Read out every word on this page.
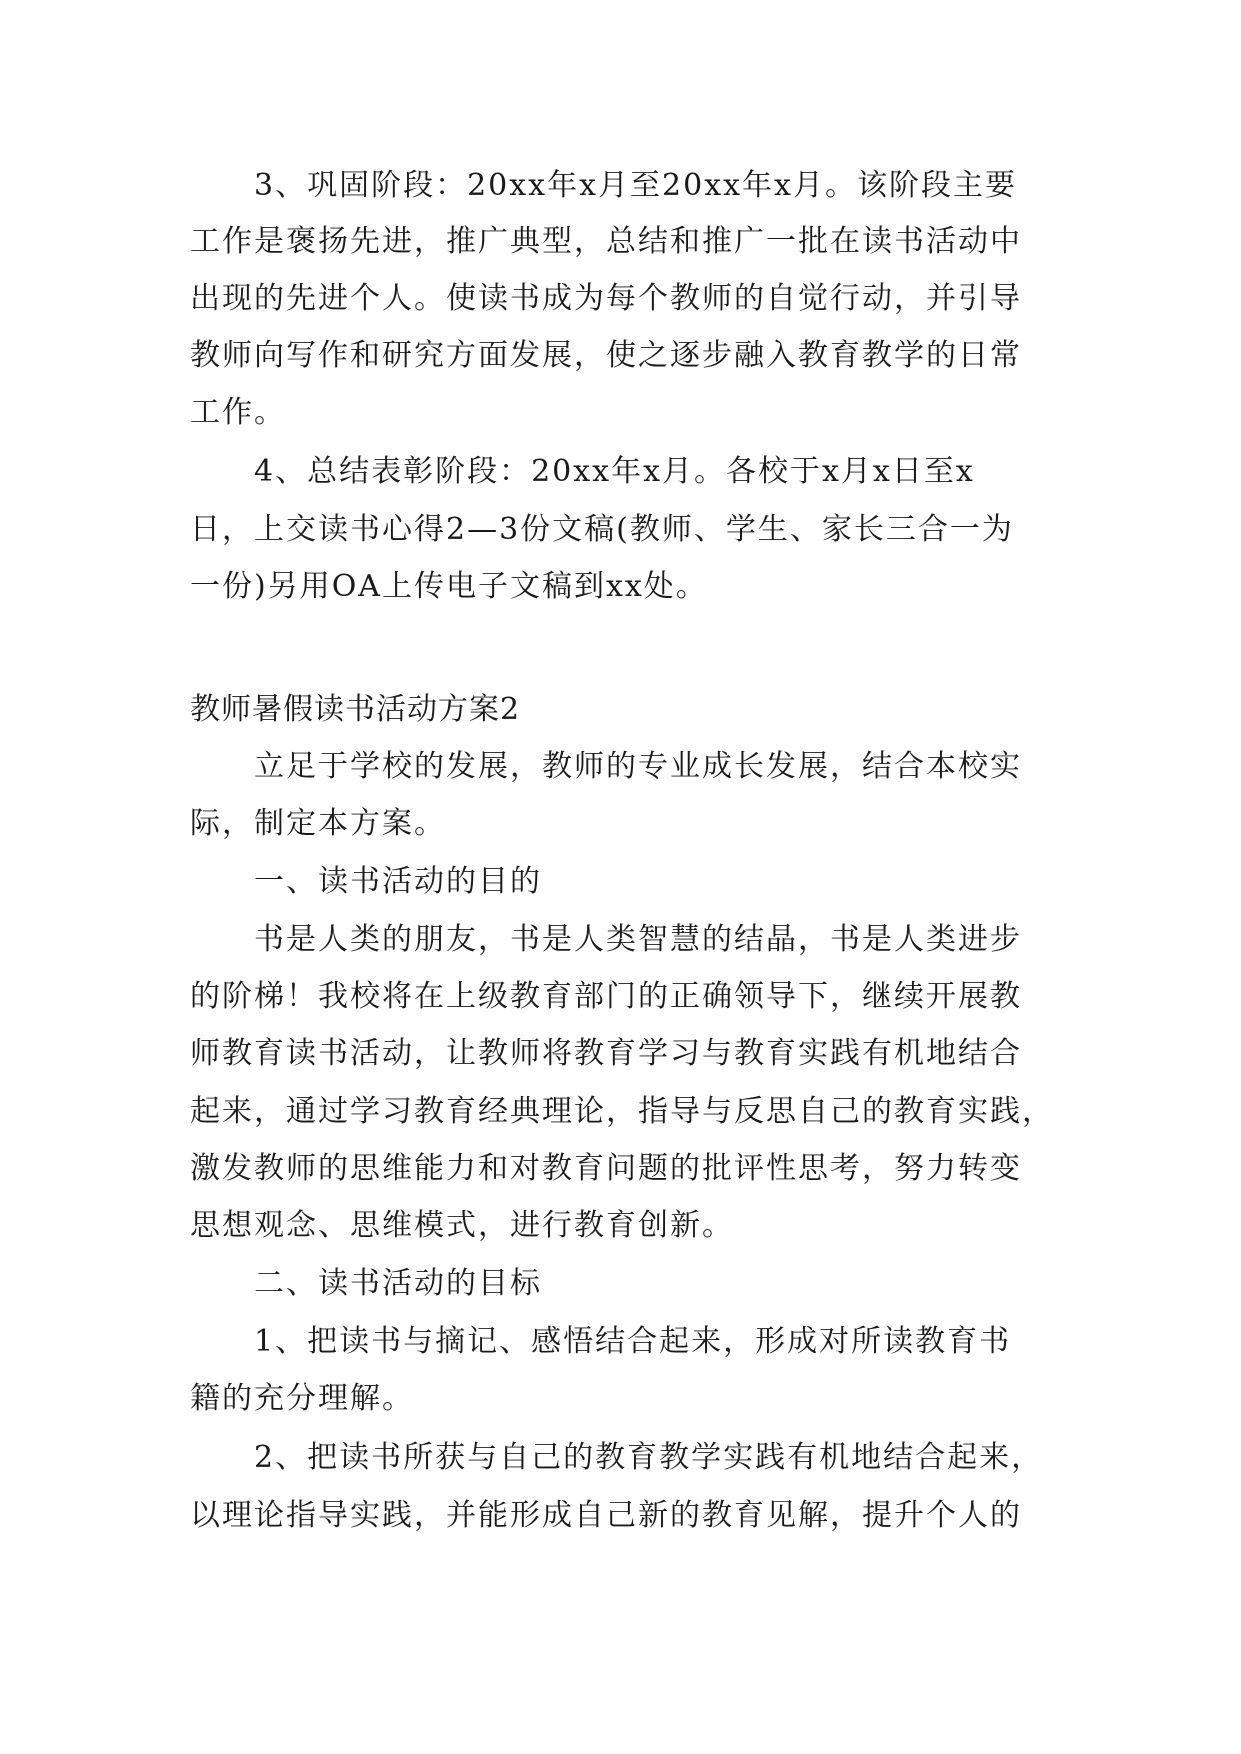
3、巩固阶段：20xx年x月至20xx年x月。该阶段主要
工作是褒扬先进，推广典型，总结和推广一批在读书活动中
出现的先进个人。使读书成为每个教师的自觉行动，并引导
教师向写作和研究方面发展，使之逐步融入教育教学的日常
工作。
4、总结表彰阶段：20xx年x月。各校于x月x日至x
日，上交读书心得2—3份文稿(教师、学生、家长三合一为
一份)另用OA上传电子文稿到xx处。
教师暑假读书活动方案2
立足于学校的发展，教师的专业成长发展，结合本校实
际，制定本方案。
一、读书活动的目的
书是人类的朋友，书是人类智慧的结晶，书是人类进步
的阶梯！我校将在上级教育部门的正确领导下，继续开展教
师教育读书活动，让教师将教育学习与教育实践有机地结合
起来，通过学习教育经典理论，指导与反思自己的教育实践，
激发教师的思维能力和对教育问题的批评性思考，努力转变
思想观念、思维模式，进行教育创新。
二、读书活动的目标
1、把读书与摘记、感悟结合起来，形成对所读教育书
籍的充分理解。
2、把读书所获与自己的教育教学实践有机地结合起来，
以理论指导实践，并能形成自己新的教育见解，提升个人的
